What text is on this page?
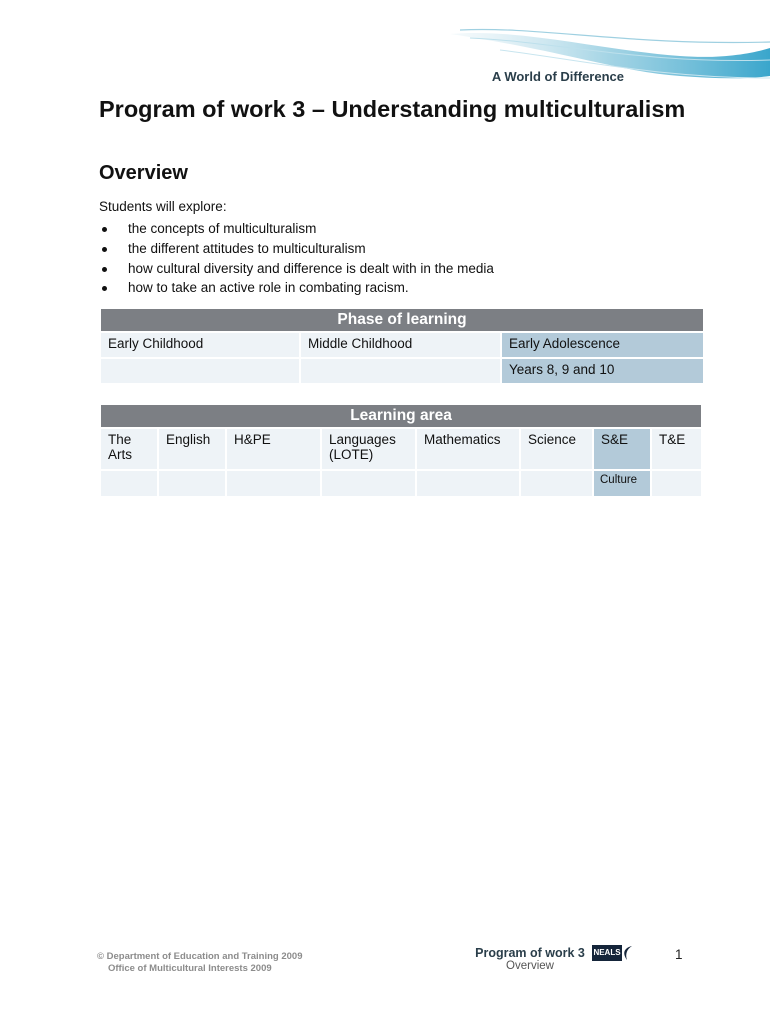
A World of Difference
Program of work 3 – Understanding multiculturalism
Overview
Students will explore:
the concepts of multiculturalism
the different attitudes to multiculturalism
how cultural diversity and difference is dealt with in the media
how to take an active role in combating racism.
Phase of learning		
Early Childhood	Middle Childhood	Early Adolescence
		Years 8, 9 and 10
Learning area							
The Arts	English	H&PE	Languages (LOTE)	Mathematics	Science	S&E	T&E
						Culture	
© Department of Education and Training 2009
Office of Multicultural Interests 2009
Program of work 3
Overview
NEALS	1
